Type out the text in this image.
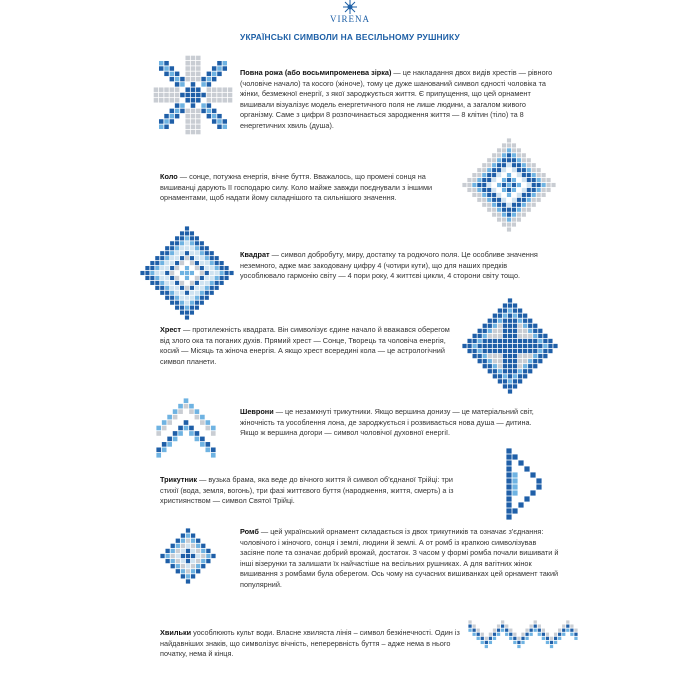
VIRENA
УКРАЇНСЬКІ СИМВОЛИ НА ВЕСІЛЬНОМУ РУШНИКУ
Повна рожа (або восьмипроменева зірка) — це накладання двох видів хрестів — рівного (чоловіче начало) та косого (жіноче), тому це дуже шанований символ єдності чоловіка та жінки, безмежної енергії, з якої зароджується життя. Є припущення, що цей орнамент вишивали візуалізує модель енергетичного поля не лише людини, а загалом живого організму. Саме з цифри 8 розпочинається зародження життя — 8 клітин (тіло) та 8 енергетичних хвиль (душа).
Коло — сонце, потужна енергія, вічне буття. Вважалось, що промені сонця на вишиванці дарують її господарю силу. Коло майже завжди поєднували з іншими орнаментами, щоб надати йому складнішого та сильнішого значення.
Квадрат — символ добробуту, миру, достатку та родючого поля. Це особливе значення неземного, адже має закодовану цифру 4 (чотири кути), що для наших предків уособлювало гармонію світу — 4 пори року, 4 життєві цикли, 4 сторони світу тощо.
Хрест — протилежність квадрата. Він символізує єдине начало й вважався оберегом від злого ока та поганих духів. Прямий хрест — Сонце, Творець та чоловіча енергія, косий — Місяць та жіноча енергія. А якщо хрест всередині кола — це астрологічний символ планети.
Шеврони — це незамкнуті трикутники. Якщо вершина донизу — це матеріальний світ, жіночність та уособлення лона, де зароджується і розвивається нова душа — дитина. Якщо ж вершина догори — символ чоловічої духовної енергії.
Трикутник — вузька брама, яка веде до вічного життя й символ об'єднаної Трійці: три стихії (вода, земля, вогонь), три фазі життєвого буття (народження, життя, смерть) а із християнством — символ Святої Трійці.
Ромб — цей український орнамент складається із двох трикутників та означає з'єднання: чоловічого і жіночого, сонця і землі, людини й землі. А от ромб із крапкою символізував засіяне поле та означає добрий врожай, достаток. З часом у формі ромба почали вишивати й інші візерунки та залишати їх найчастіше на весільних рушниках. А для вагітних жінок вишивання з ромбами була оберегом. Ось чому на сучасних вишиванках цей орнамент такий популярний.
Хвильки уособлюють культ води. Власне хвиляста лінія – символ безкінечності. Один із найдавніших знаків, що символізує вічність, неперервність буття – адже нема в нього початку, нема й кінця.
